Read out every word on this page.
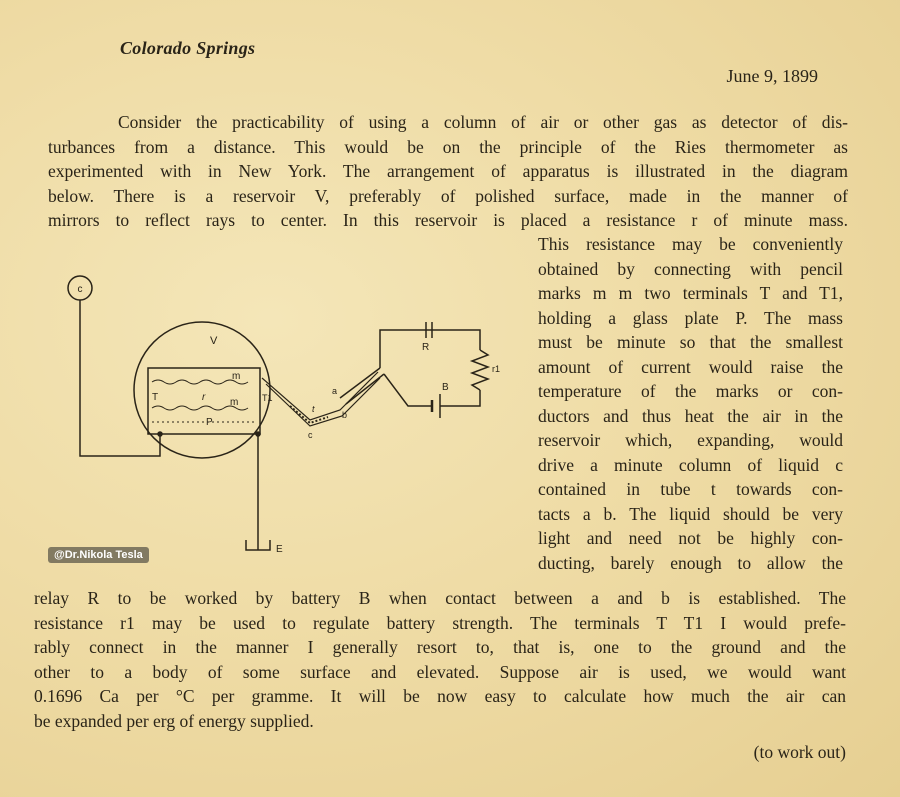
Colorado Springs
June 9, 1899
Consider the practicability of using a column of air or other gas as detector of dis-
turbances from a distance. This would be on the principle of the Ries thermometer as
experimented with in New York. The arrangement of apparatus is illustrated in the diagram
below. There is a reservoir V, preferably of polished surface, made in the manner of
mirrors to reflect rays to center. In this reservoir is placed a resistance r of minute mass.
This resistance may be conveniently
obtained by connecting with pencil
marks m m two terminals T and T1,
holding a glass plate P. The mass
must be minute so that the smallest
amount of current would raise the
temperature of the marks or con-
ductors and thus heat the air in the
reservoir which, expanding, would
drive a minute column of liquid c
contained in tube t towards con-
tacts a b. The liquid should be very
light and need not be highly con-
ducting, barely enough to allow the
relay R to be worked by battery B when contact between a and b is established. The
resistance r1 may be used to regulate battery strength. The terminals T T1 I would prefe-
rably connect in the manner I generally resort to, that is, one to the ground and the
other to a body of some surface and elevated. Suppose air is used, we would want
0.1696 Ca per °C per gramme. It will be now easy to calculate how much the air can
be expanded per erg of energy supplied.
(to work out)
c
V
m
r m
T	T1
P
E
t
c
a
b
R
r1
B
@Dr.Nikola Tesla
